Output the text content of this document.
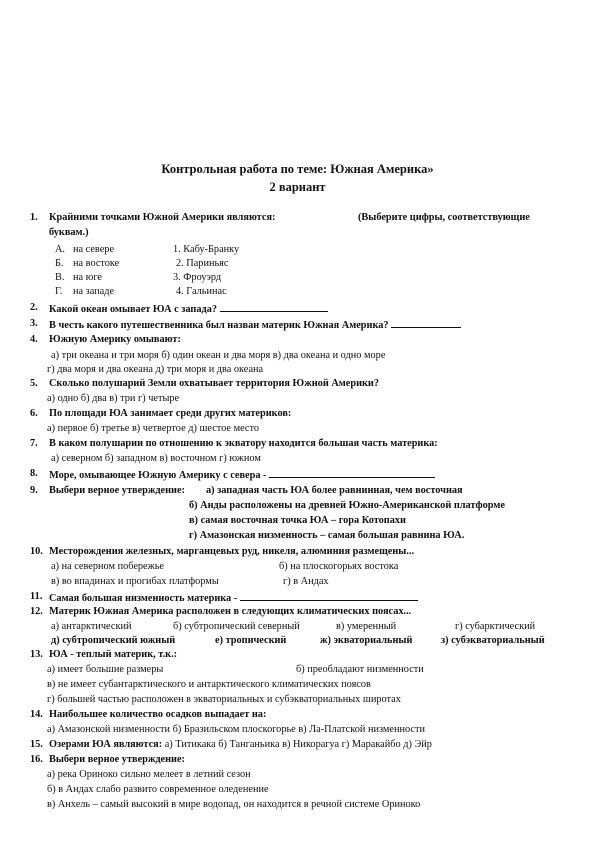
Контрольная работа по теме: Южная Америка»
2 вариант
1. Крайними точками Южной Америки являются:	(Выберите цифры, соответствующие
буквам.)
А. на севере	1. Кабу-Бранку
Б. на востоке	2. Париньяс
В. на юге	3. Фроуэрд
Г. на западе	4. Гальинас
2. Какой океан омывает ЮА с запада?
3. В честь какого путешественника был назван материк Южная Америка?
4. Южную Америку омывают:
а) три океана и три моря б) один океан и два моря в) два океана и одно море
г) два моря и два океана д) три моря и два океана
5. Сколько полушарий Земли охватывает территория Южной Америки?
а) одно б) два в) три г) четыре
6. По площади ЮА занимает среди других материков:
а) первое б) третье в) четвертое д) шестое место
7. В каком полушарии по отношению к экватору находится большая часть материка:
а) северном б) западном в) восточном г) южном
8. Море, омывающее Южную Америку с севера -
9. Выбери верное утверждение: а) западная часть ЮА более равнинная, чем восточная
б) Анды расположены на древней Южно-Американской платформе
в) самая восточная точка ЮА – гора Котопахи
г) Амазонская низменность – самая большая равнина ЮА.
10. Месторождения железных, марганцевых руд, никеля, алюминия размещены...
а) на северном побережье	б) на плоскогорьях востока
в) во впадинах и прогибах платформы	г) в Андах
11. Самая большая низменность материка -
12. Материк Южная Америка расположен в следующих климатических поясах...
а) антарктический	б) субтропический северный	в) умеренный	г) субарктический
д) субтропический южный	е) тропический	ж) экваториальный	з) субэкваториальный
13. ЮА - теплый материк, т.к.:
а) имеет большие размеры	б) преобладают низменности
в) не имеет субантарктического и антарктического климатических поясов
г) большей частью расположен в экваториальных и субэкваториальных широтах
14. Наибольшее количество осадков выпадает на:
а) Амазонской низменности б) Бразильском плоскогорье в) Ла-Платской низменности
15. Озерами ЮА являются: а) Титикака б) Танганьика в) Никорагуа г) Маракайбо д) Эйр
16. Выбери верное утверждение:
а) река Ориноко сильно мелеет в летний сезон
б) в Андах слабо развито современное оледенение
в) Анхель – самый высокий в мире водопад, он находится в речной системе Ориноко
